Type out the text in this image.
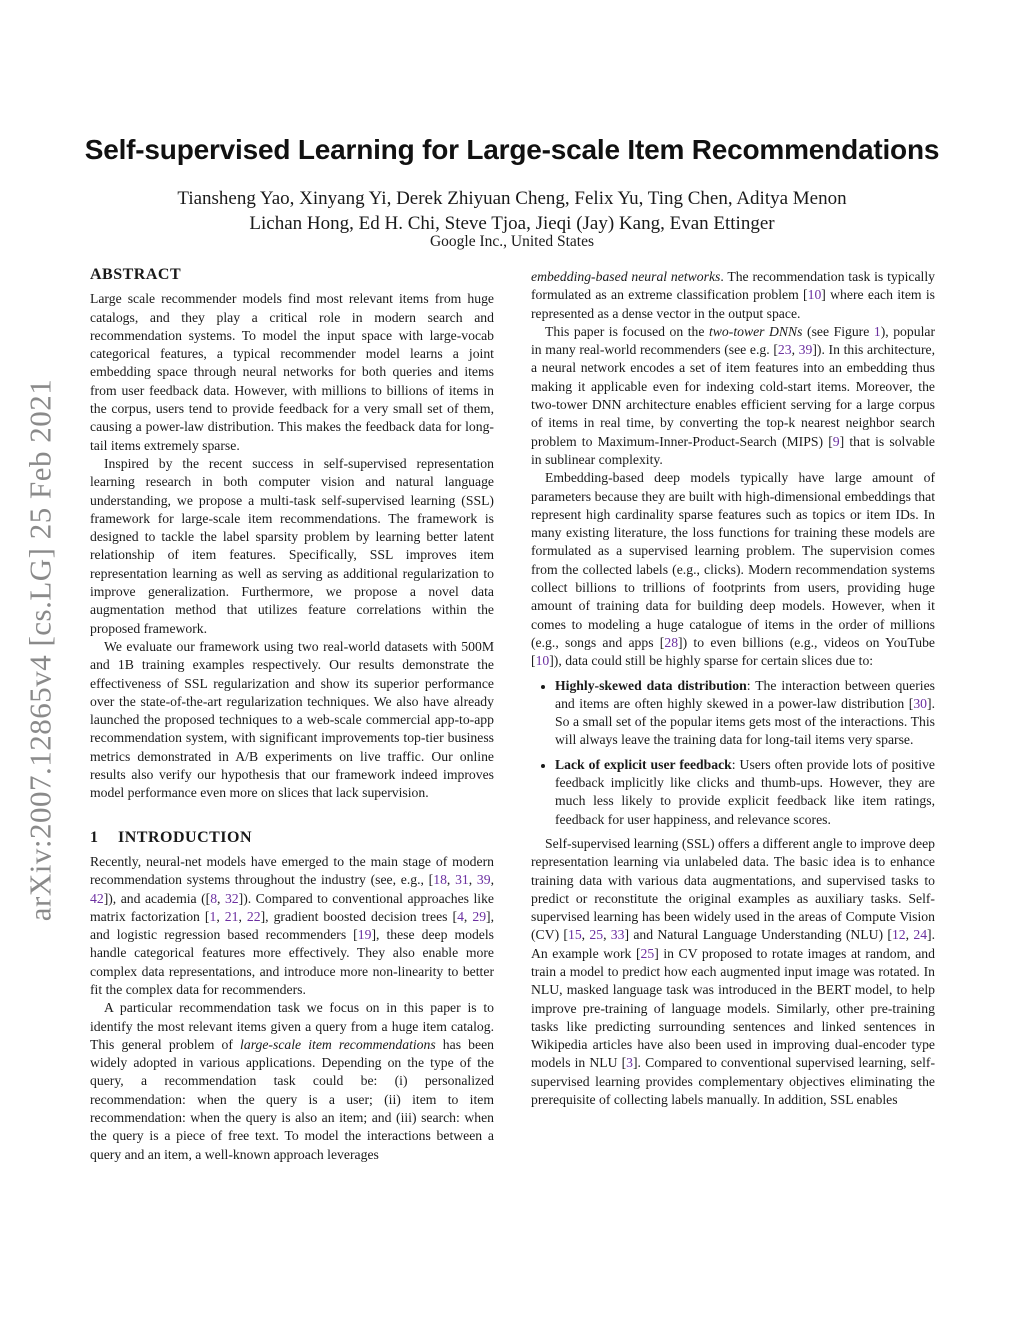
arXiv:2007.12865v4 [cs.LG] 25 Feb 2021
Self-supervised Learning for Large-scale Item Recommendations
Tiansheng Yao, Xinyang Yi, Derek Zhiyuan Cheng, Felix Yu, Ting Chen, Aditya Menon
Lichan Hong, Ed H. Chi, Steve Tjoa, Jieqi (Jay) Kang, Evan Ettinger
Google Inc., United States
ABSTRACT

Large scale recommender models find most relevant items from huge catalogs, and they play a critical role in modern search and recommendation systems. To model the input space with large-vocab categorical features, a typical recommender model learns a joint embedding space through neural networks for both queries and items from user feedback data. However, with millions to billions of items in the corpus, users tend to provide feedback for a very small set of them, causing a power-law distribution. This makes the feedback data for long-tail items extremely sparse.

Inspired by the recent success in self-supervised representation learning research in both computer vision and natural language understanding, we propose a multi-task self-supervised learning (SSL) framework for large-scale item recommendations. The framework is designed to tackle the label sparsity problem by learning better latent relationship of item features. Specifically, SSL improves item representation learning as well as serving as additional regularization to improve generalization. Furthermore, we propose a novel data augmentation method that utilizes feature correlations within the proposed framework.

We evaluate our framework using two real-world datasets with 500M and 1B training examples respectively. Our results demonstrate the effectiveness of SSL regularization and show its superior performance over the state-of-the-art regularization techniques. We also have already launched the proposed techniques to a web-scale commercial app-to-app recommendation system, with significant improvements top-tier business metrics demonstrated in A/B experiments on live traffic. Our online results also verify our hypothesis that our framework indeed improves model performance even more on slices that lack supervision.

1 INTRODUCTION

Recently, neural-net models have emerged to the main stage of modern recommendation systems throughout the industry (see, e.g., [18, 31, 39, 42]), and academia ([8, 32]). Compared to conventional approaches like matrix factorization [1, 21, 22], gradient boosted decision trees [4, 29], and logistic regression based recommenders [19], these deep models handle categorical features more effectively. They also enable more complex data representations, and introduce more non-linearity to better fit the complex data for recommenders.

A particular recommendation task we focus on in this paper is to identify the most relevant items given a query from a huge item catalog. This general problem of large-scale item recommendations has been widely adopted in various applications. Depending on the type of the query, a recommendation task could be: (i) personalized recommendation: when the query is a user; (ii) item to item recommendation: when the query is also an item; and (iii) search: when the query is a piece of free text. To model the interactions between a query and an item, a well-known approach leverages

embedding-based neural networks. The recommendation task is typically formulated as an extreme classification problem [10] where each item is represented as a dense vector in the output space.

This paper is focused on the two-tower DNNs (see Figure 1), popular in many real-world recommenders (see e.g. [23, 39]). In this architecture, a neural network encodes a set of item features into an embedding thus making it applicable even for indexing cold-start items. Moreover, the two-tower DNN architecture enables efficient serving for a large corpus of items in real time, by converting the top-k nearest neighbor search problem to Maximum-Inner-Product-Search (MIPS) [9] that is solvable in sublinear complexity.

Embedding-based deep models typically have large amount of parameters because they are built with high-dimensional embeddings that represent high cardinality sparse features such as topics or item IDs. In many existing literature, the loss functions for training these models are formulated as a supervised learning problem. The supervision comes from the collected labels (e.g., clicks). Modern recommendation systems collect billions to trillions of footprints from users, providing huge amount of training data for building deep models. However, when it comes to modeling a huge catalogue of items in the order of millions (e.g., songs and apps [28]) to even billions (e.g., videos on YouTube [10]), data could still be highly sparse for certain slices due to:

• Highly-skewed data distribution: The interaction between queries and items are often highly skewed in a power-law distribution [30]. So a small set of the popular items gets most of the interactions. This will always leave the training data for long-tail items very sparse.
• Lack of explicit user feedback: Users often provide lots of positive feedback implicitly like clicks and thumb-ups. However, they are much less likely to provide explicit feedback like item ratings, feedback for user happiness, and relevance scores.

Self-supervised learning (SSL) offers a different angle to improve deep representation learning via unlabeled data. The basic idea is to enhance training data with various data augmentations, and supervised tasks to predict or reconstitute the original examples as auxiliary tasks. Self-supervised learning has been widely used in the areas of Compute Vision (CV) [15, 25, 33] and Natural Language Understanding (NLU) [12, 24]. An example work [25] in CV proposed to rotate images at random, and train a model to predict how each augmented input image was rotated. In NLU, masked language task was introduced in the BERT model, to help improve pre-training of language models. Similarly, other pre-training tasks like predicting surrounding sentences and linked sentences in Wikipedia articles have also been used in improving dual-encoder type models in NLU [3]. Compared to conventional supervised learning, self-supervised learning provides complementary objectives eliminating the prerequisite of collecting labels manually. In addition, SSL enables
